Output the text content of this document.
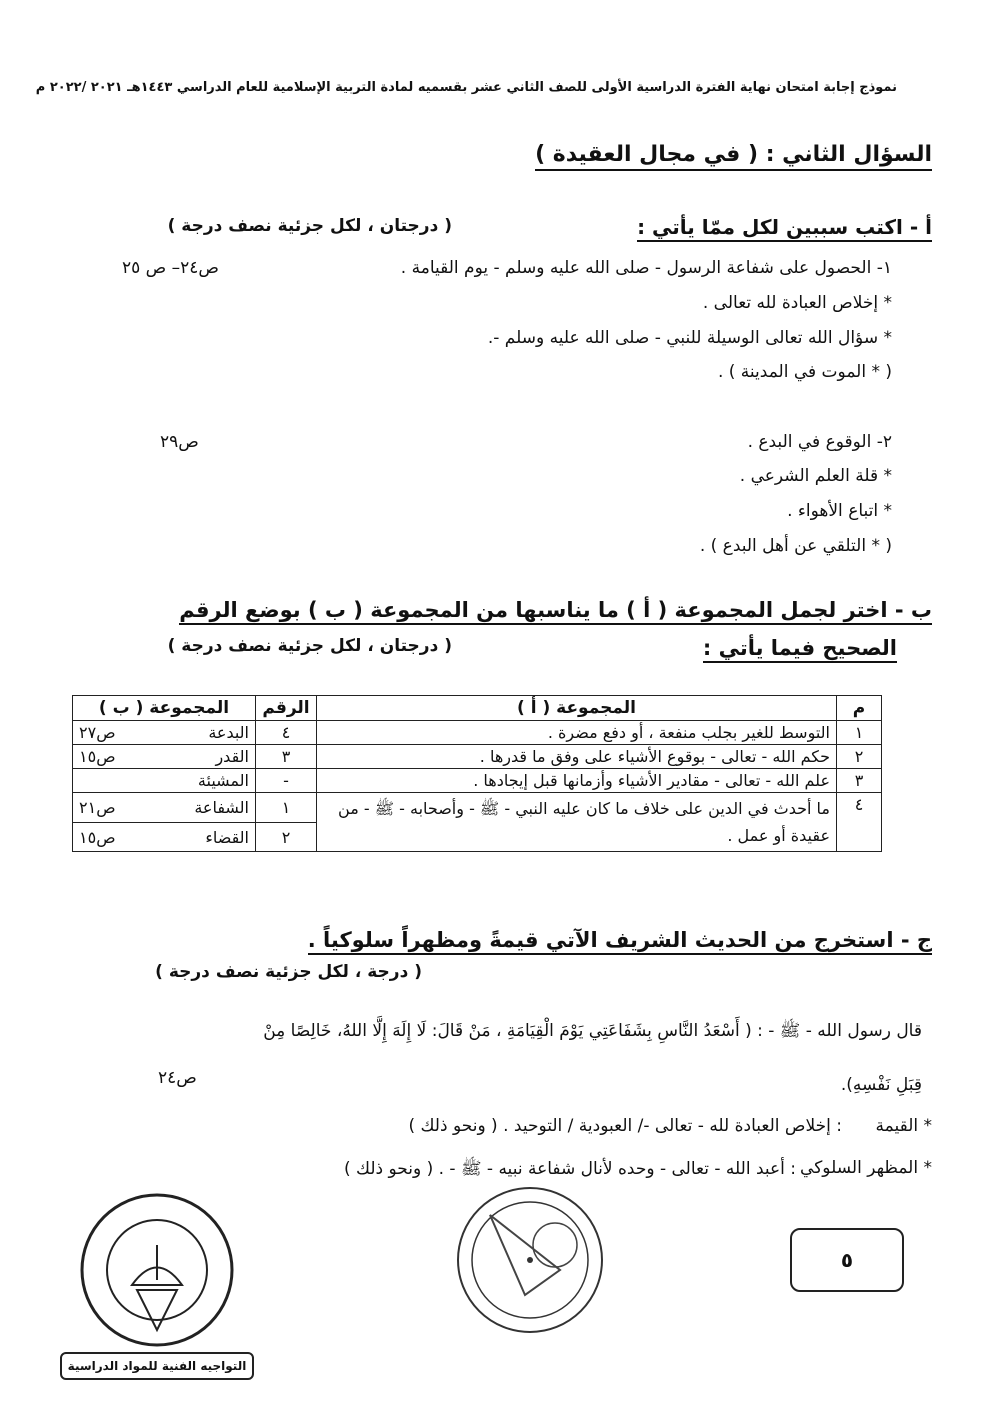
نموذج إجابة امتحان نهاية الفترة الدراسية الأولى للصف الثاني عشر بقسميه لمادة التربية الإسلامية للعام الدراسي ١٤٤٣هـ ٢٠٢١ /٢٠٢٢ م
السؤال الثاني : ( في مجال العقيدة )
أ - اكتب سببين لكل ممّا يأتي :
( درجتان ، لكل جزئية نصف درجة )
١- الحصول على شفاعة الرسول - صلى الله عليه وسلم - يوم القيامة .
ص٢٤– ص ٢٥
* إخلاص العبادة لله تعالى .
* سؤال الله تعالى الوسيلة للنبي - صلى الله عليه وسلم -.
( * الموت في المدينة ) .
٢- الوقوع في البدع .
ص٢٩
* قلة العلم الشرعي .
* اتباع الأهواء .
( * التلقي عن أهل البدع ) .
ب - اختر لجمل المجموعة ( أ ) ما يناسبها من المجموعة ( ب ) بوضع الرقم
الصحيح فيما يأتي :
( درجتان ، لكل جزئية نصف درجة )
م	المجموعة ( أ )	الرقم	المجموعة ( ب )
١	التوسط للغير بجلب منفعة ، أو دفع مضرة .	٤	البدعة
ص٢٧

٢	حكم الله - تعالى - بوقوع الأشياء على وفق ما قدرها .	٣	القدر
ص١٥

٣	علم الله - تعالى - مقادير الأشياء وأزمانها قبل إيجادها .	-	المشيئة

٤	ما أحدث في الدين على خلاف ما كان عليه النبي - ﷺ - وأصحابه - ﷺ - من عقيدة أو عمل .	١	الشفاعة
ص٢١

		٢	القضاء
ص١٥
ج - استخرج من الحديث الشريف الآتي قيمةً ومظهراً سلوكياً .
( درجة ، لكل جزئية نصف درجة )
قال رسول الله - ﷺ - : ( أَسْعَدُ النَّاسِ بِشَفَاعَتِي يَوْمَ الْقِيَامَةِ ، مَنْ قَالَ: لَا إِلَهَ إِلَّا اللهُ، خَالِصًا مِنْ
قِبَلِ نَفْسِهِ).
ص٢٤
* القيمة
: إخلاص العبادة لله - تعالى -/ العبودية / التوحيد . ( ونحو ذلك )
* المظهر السلوكي
: أعبد الله - تعالى - وحده لأنال شفاعة نبيه - ﷺ - . ( ونحو ذلك )
٥
التواجيه الفنية للمواد الدراسية
